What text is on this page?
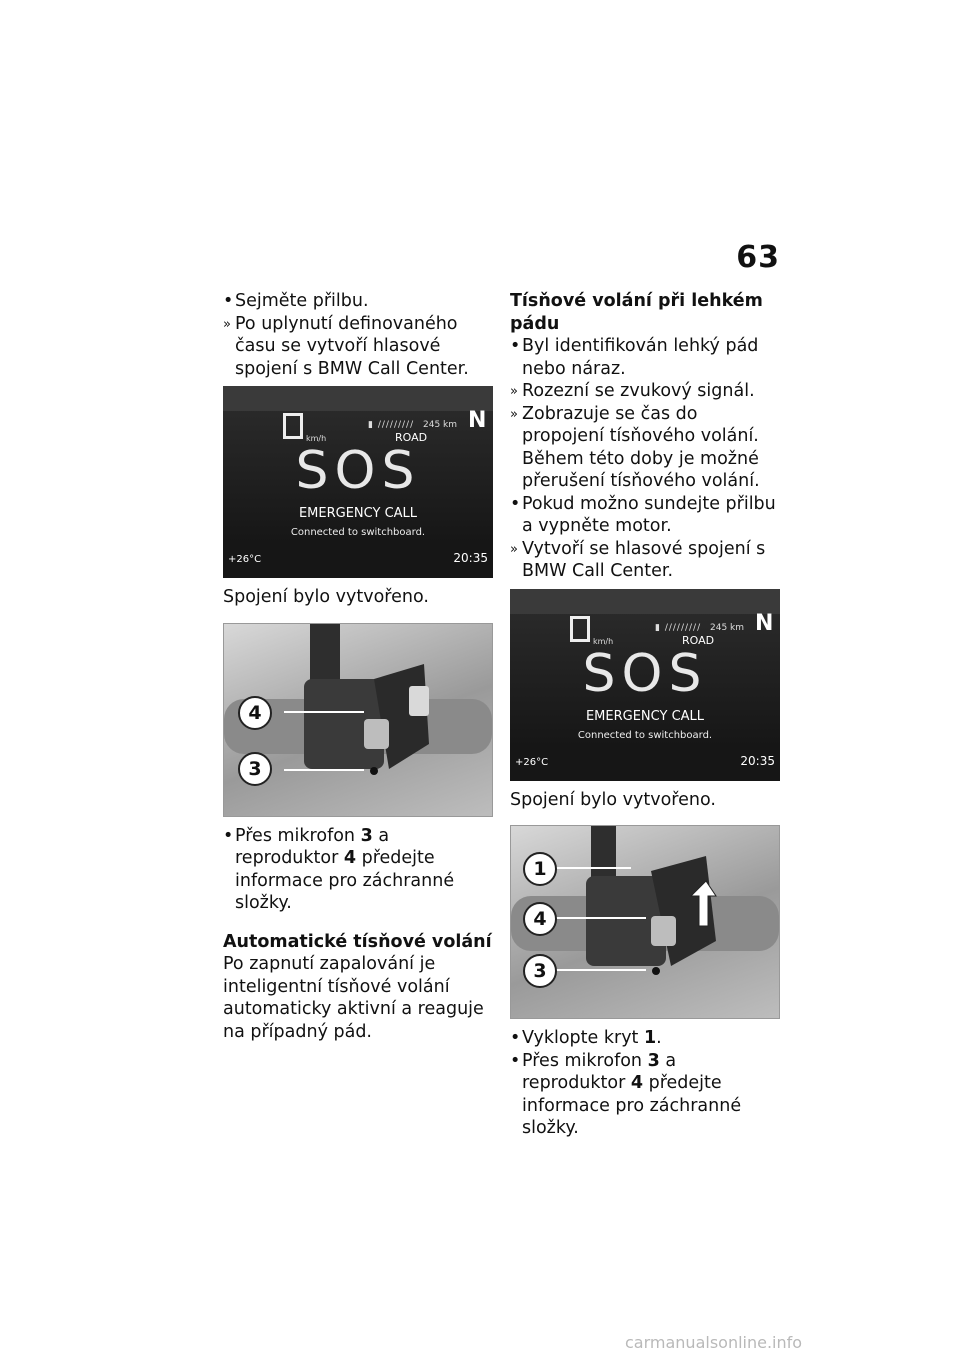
63

• Sejměte přilbu.

» Po uplynutí definovaného času se vytvoří hlasové spojení s BMW Call Center.

km/h
▮ ///////// 245 km
ROAD
N
SOS
EMERGENCY CALL
Connected to switchboard.
+26°C	20:35

Spojení bylo vytvořeno.

4
3

• Přes mikrofon 3 a reproduktor 4 předejte informace pro záchranné složky.

Automatické tísňové volání

Po zapnutí zapalování je inteligentní tísňové volání automaticky aktivní a reaguje na případný pád.

Tísňové volání při lehkém pádu

• Byl identifikován lehký pád nebo náraz.

» Rozezní se zvukový signál.

» Zobrazuje se čas do propojení tísňového volání. Během této doby je možné přerušení tísňového volání.

• Pokud možno sundejte přilbu a vypněte motor.

» Vytvoří se hlasové spojení s BMW Call Center.

km/h
▮ ///////// 245 km
ROAD
N
SOS
EMERGENCY CALL
Connected to switchboard.
+26°C	20:35

Spojení bylo vytvořeno.

1
4
3

• Vyklopte kryt 1.

• Přes mikrofon 3 a reproduktor 4 předejte informace pro záchranné složky.

carmanualsonline.info
